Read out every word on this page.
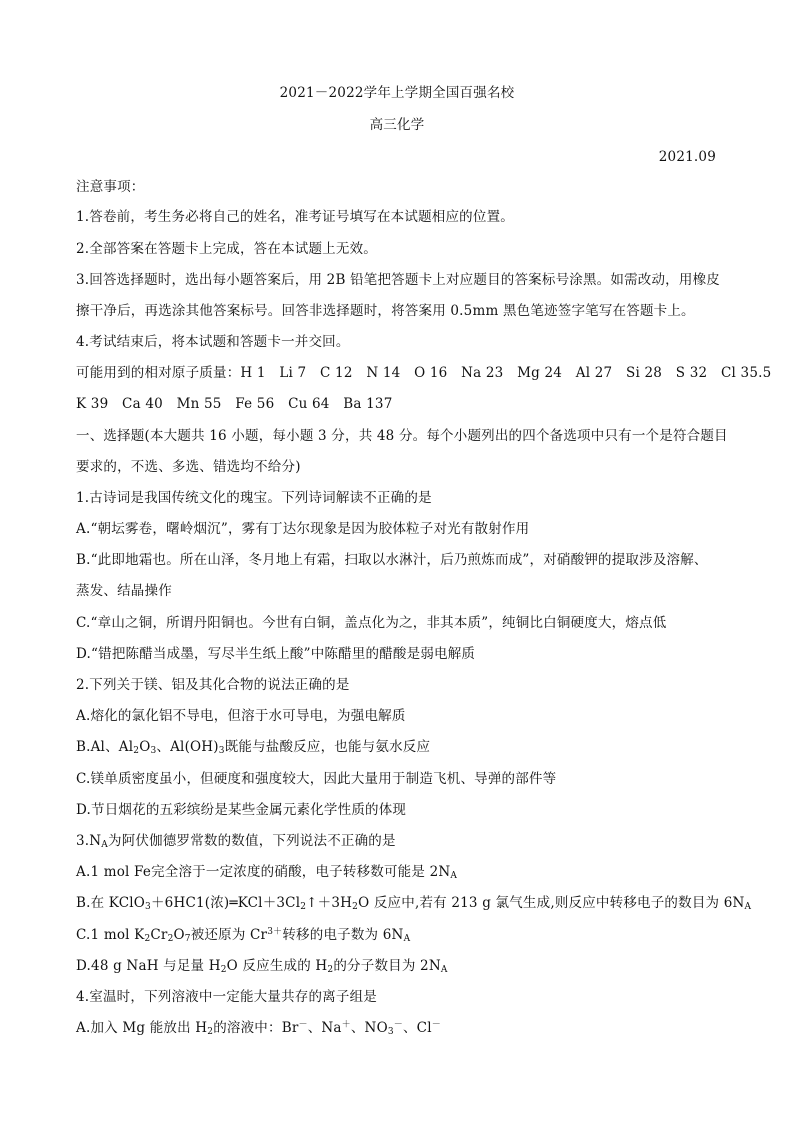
2021－2022学年上学期全国百强名校
高三化学
2021.09
注意事项：
1.答卷前，考生务必将自己的姓名，准考证号填写在本试题相应的位置。
2.全部答案在答题卡上完成，答在本试题上无效。
3.回答选择题时，选出每小题答案后，用 2B 铅笔把答题卡上对应题目的答案标号涂黑。如需改动，用橡皮
擦干净后，再选涂其他答案标号。回答非选择题时，将答案用 0.5mm 黑色笔迹签字笔写在答题卡上。
4.考试结束后，将本试题和答题卡一并交回。
可能用到的相对原子质量：H 1　Li 7　C 12　N 14　O 16　Na 23　Mg 24　Al 27　Si 28　S 32　Cl 35.5
K 39　Ca 40　Mn 55　Fe 56　Cu 64　Ba 137
一、选择题(本大题共 16 小题，每小题 3 分，共 48 分。每个小题列出的四个备选项中只有一个是符合题目
要求的，不选、多选、错选均不给分)
1.古诗词是我国传统文化的瑰宝。下列诗词解读不正确的是
A.“朝坛雾卷，曙岭烟沉”，雾有丁达尔现象是因为胶体粒子对光有散射作用
B.“此即地霜也。所在山泽，冬月地上有霜，扫取以水淋汁，后乃煎炼而成”，对硝酸钾的提取涉及溶解、
蒸发、结晶操作
C.“章山之铜，所谓丹阳铜也。今世有白铜，盖点化为之，非其本质”，纯铜比白铜硬度大，熔点低
D.“错把陈醋当成墨，写尽半生纸上酸”中陈醋里的醋酸是弱电解质
2.下列关于镁、铝及其化合物的说法正确的是
A.熔化的氯化铝不导电，但溶于水可导电，为强电解质
B.Al、$Al_2O_3$、$Al(OH)_3$既能与盐酸反应，也能与氨水反应
C.镁单质密度虽小，但硬度和强度较大，因此大量用于制造飞机、导弹的部件等
D.节日烟花的五彩缤纷是某些金属元素化学性质的体现
$3.N_A$为阿伏伽德罗常数的数值，下列说法不正确的是
A.1 mol Fe完全溶于一定浓度的硝酸，电子转移数可能是 $2N_A$
B.在 KClO$_3$＋6HC1(浓)$═KCl+3Cl_2↑+3H_2O$ 反应中,若有 213 g 氯气生成,则反应中转移电子的数目为 $6N_A$
C.1 mol $K_2Cr_2O_7$被还原为 $Cr^{3+}$转移的电子数为 $6N_A$
D.48 g NaH 与足量 $H_2O$ 反应生成的 $H_2$的分子数目为 $2N_A$
4.室温时，下列溶液中一定能大量共存的离子组是
A.加入 Mg 能放出 $H_2$的溶液中：Br－、Na＋、$NO_3^-$、Cl－
